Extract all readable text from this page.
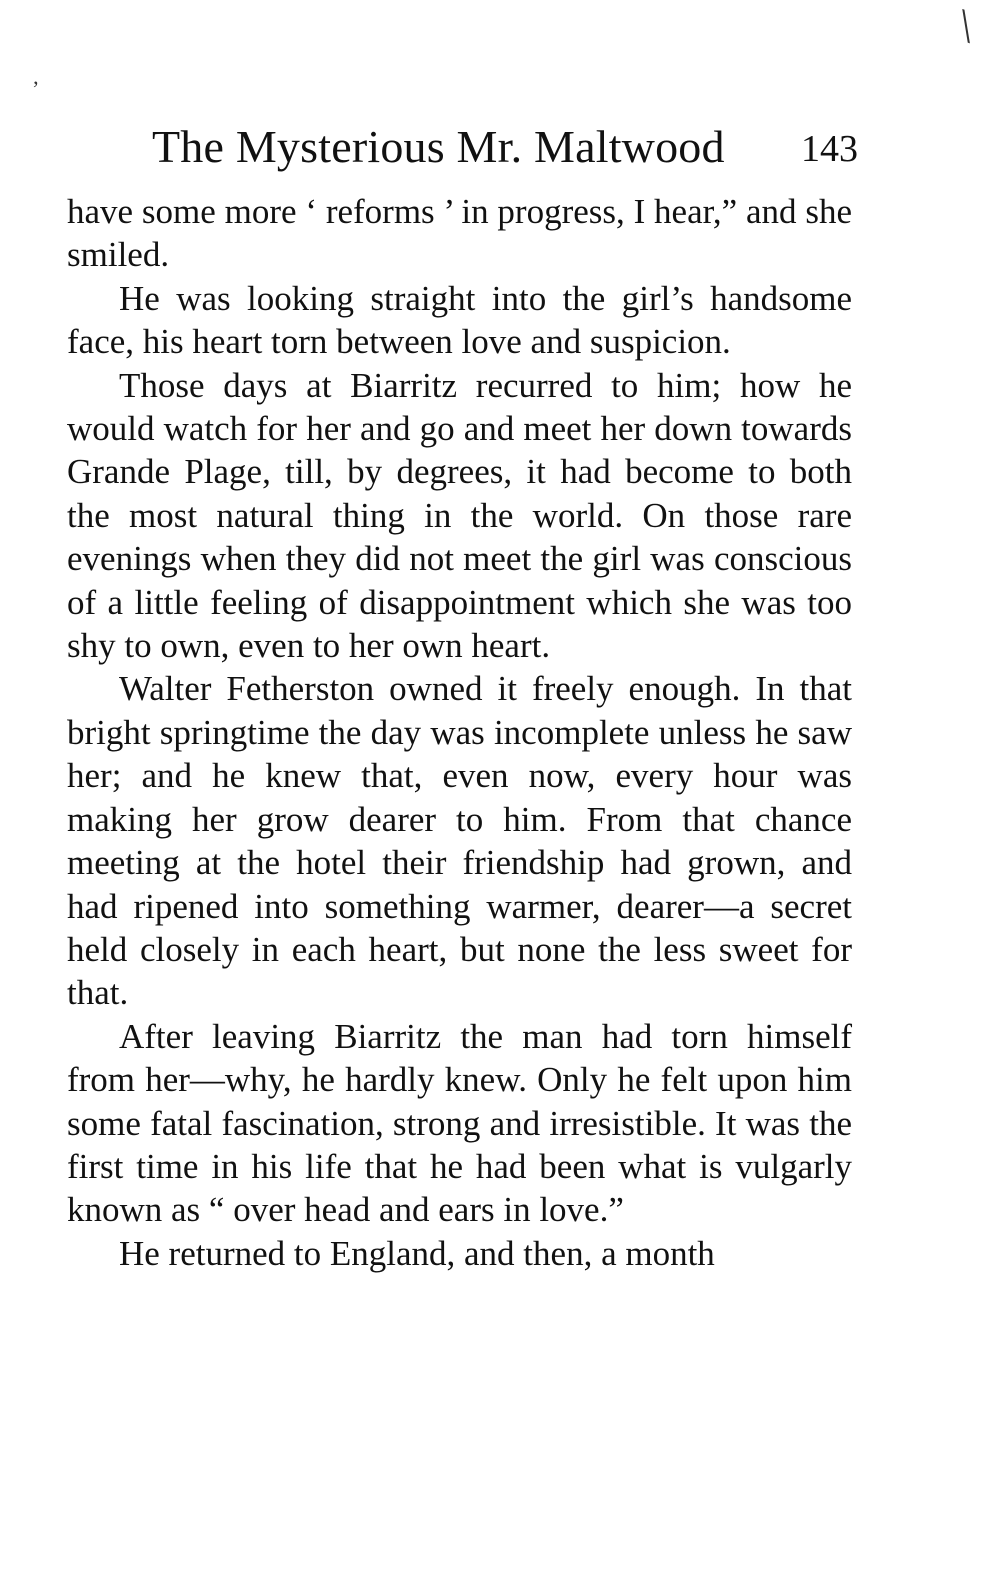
’
╲
The Mysterious Mr. Maltwood 143

have some more ‘ reforms ’ in progress, I hear,” and she smiled.

He was looking straight into the girl’s handsome face, his heart torn between love and suspicion.

Those days at Biarritz recurred to him; how he would watch for her and go and meet her down towards Grande Plage, till, by degrees, it had become to both the most natural thing in the world. On those rare evenings when they did not meet the girl was conscious of a little feeling of disappointment which she was too shy to own, even to her own heart.

Walter Fetherston owned it freely enough. In that bright springtime the day was incomplete unless he saw her; and he knew that, even now, every hour was making her grow dearer to him. From that chance meeting at the hotel their friendship had grown, and had ripened into something warmer, dearer—a secret held closely in each heart, but none the less sweet for that.

After leaving Biarritz the man had torn himself from her—why, he hardly knew. Only he felt upon him some fatal fascination, strong and irresistible. It was the first time in his life that he had been what is vulgarly known as “ over head and ears in love.”

He returned to England, and then, a month
